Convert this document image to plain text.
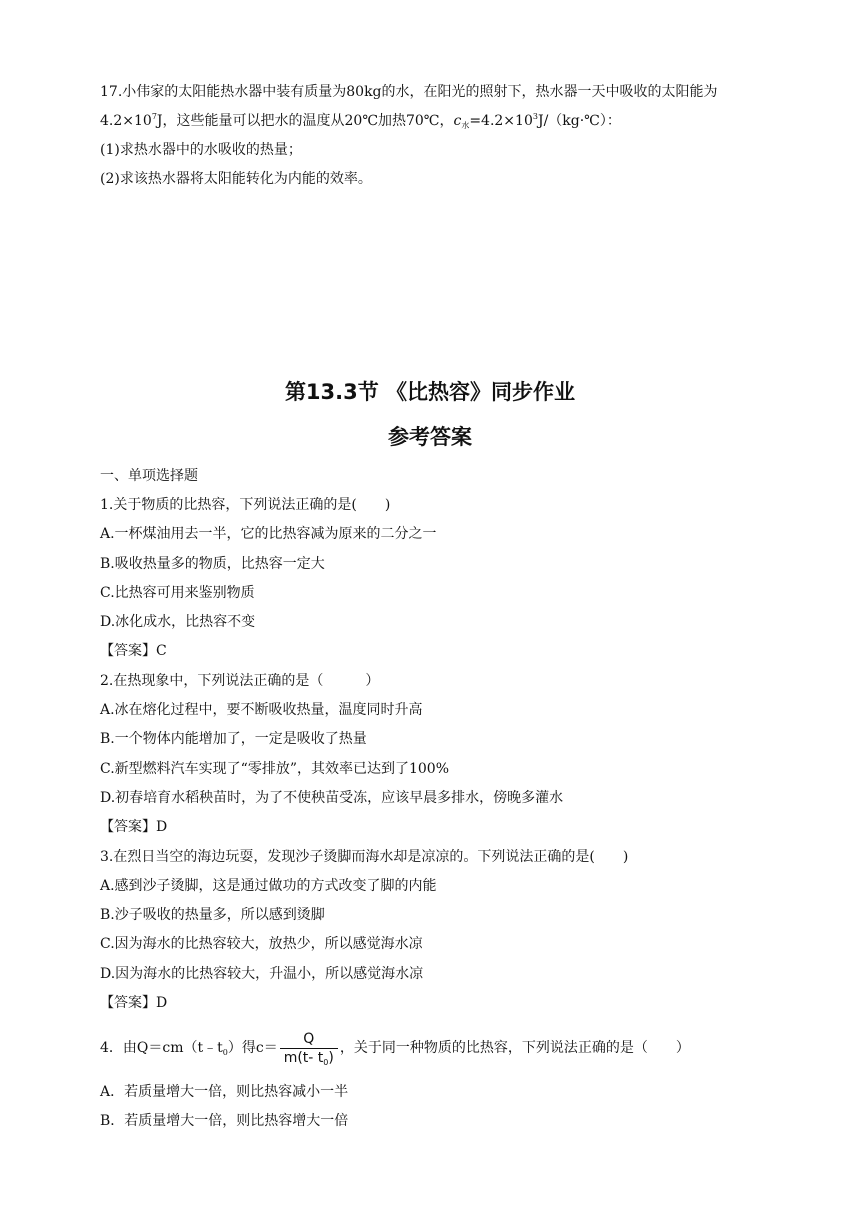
17.小伟家的太阳能热水器中装有质量为80kg的水，在阳光的照射下，热水器一天中吸收的太阳能为
$4.2\times 10^7J$，这些能量可以把水的温度从20℃加热70℃，$c_水=4.2\times 10^3J/(kg\cdot℃)$：
(1)求热水器中的水吸收的热量；
(2)求该热水器将太阳能转化为内能的效率。
第13.3节 《比热容》同步作业
参考答案
一、单项选择题
1.关于物质的比热容，下列说法正确的是(　　)
A.一杯煤油用去一半，它的比热容减为原来的二分之一
B.吸收热量多的物质，比热容一定大
C.比热容可用来鉴别物质
D.冰化成水，比热容不变
【答案】C
2.在热现象中，下列说法正确的是（　　　）
A.冰在熔化过程中，要不断吸收热量，温度同时升高
B.一个物体内能增加了，一定是吸收了热量
C.新型燃料汽车实现了“零排放”，其效率已达到了100%
D.初春培育水稻秧苗时，为了不使秧苗受冻，应该早晨多排水，傍晚多灌水
【答案】D
3.在烈日当空的海边玩耍，发现沙子烫脚而海水却是凉凉的。下列说法正确的是(　　)
A.感到沙子烫脚，这是通过做功的方式改变了脚的内能
B.沙子吸收的热量多，所以感到烫脚
C.因为海水的比热容较大，放热少，所以感觉海水凉
D.因为海水的比热容较大，升温小，所以感觉海水凉
【答案】D
4．由$Q=cm(t﹣t_0)$得$c= \frac{Q}{m(t- t_0)}$ ，关于同一种物质的比热容，下列说法正确的是（　　）
A．若质量增大一倍，则比热容减小一半
B．若质量增大一倍，则比热容增大一倍
